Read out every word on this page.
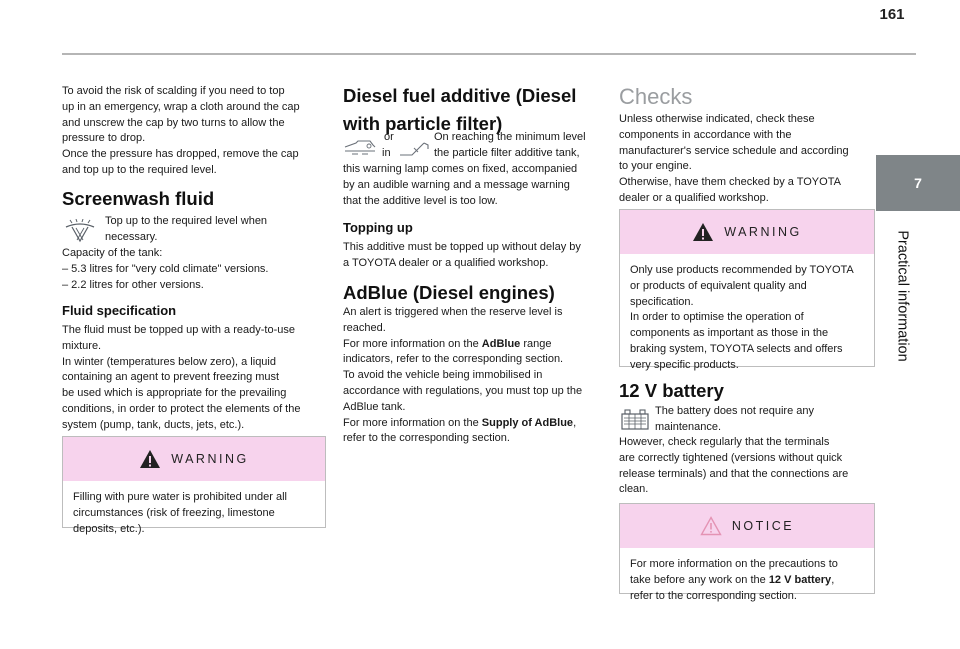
161
7
Practical information
To avoid the risk of scalding if you need to top
up in an emergency, wrap a cloth around the cap
and unscrew the cap by two turns to allow the
pressure to drop.
Once the pressure has dropped, remove the cap
and top up to the required level.
Screenwash fluid
Top up to the required level when
necessary.
Capacity of the tank:
– 5.3 litres for "very cold climate" versions.
– 2.2 litres for other versions.
Fluid specification
The fluid must be topped up with a ready-to-use
mixture.
In winter (temperatures below zero), a liquid
containing an agent to prevent freezing must
be used which is appropriate for the prevailing
conditions, in order to protect the elements of the
system (pump, tank, ducts, jets, etc.).
WARNING
Filling with pure water is prohibited under all
circumstances (risk of freezing, limestone
deposits, etc.).
Diesel fuel additive (Diesel
with particle filter)
or
in
On reaching the minimum level
the particle filter additive tank,
this warning lamp comes on fixed, accompanied
by an audible warning and a message warning
that the additive level is too low.
Topping up
This additive must be topped up without delay by
a TOYOTA dealer or a qualified workshop.
AdBlue (Diesel engines)
An alert is triggered when the reserve level is
reached.
For more information on the AdBlue range
indicators, refer to the corresponding section.
To avoid the vehicle being immobilised in
accordance with regulations, you must top up the
AdBlue tank.
For more information on the Supply of AdBlue,
refer to the corresponding section.
Checks
Unless otherwise indicated, check these
components in accordance with the
manufacturer's service schedule and according
to your engine.
Otherwise, have them checked by a TOYOTA
dealer or a qualified workshop.
WARNING
Only use products recommended by TOYOTA
or products of equivalent quality and
specification.
In order to optimise the operation of
components as important as those in the
braking system, TOYOTA selects and offers
very specific products.
12 V battery
The battery does not require any
maintenance.
However, check regularly that the terminals
are correctly tightened (versions without quick
release terminals) and that the connections are
clean.
NOTICE
For more information on the precautions to
take before any work on the 12 V battery,
refer to the corresponding section.
